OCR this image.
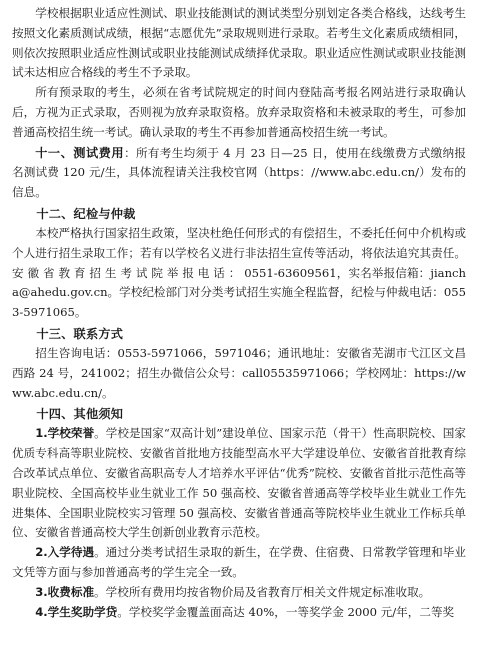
学校根据职业适应性测试、职业技能测试的测试类型分别划定各类合格线，达线考生按照文化素质测试成绩，根据“志愿优先”录取规则进行录取。若考生文化素质成绩相同，则依次按照职业适应性测试或职业技能测试成绩择优录取。职业适应性测试或职业技能测试未达相应合格线的考生不予录取。

所有预录取的考生，必须在省考试院规定的时间内登陆高考报名网站进行录取确认后，方视为正式录取，否则视为放弃录取资格。放弃录取资格和未被录取的考生，可参加普通高校招生统一考试。确认录取的考生不再参加普通高校招生统一考试。

十一、测试费用：所有考生均须于 4 月 23 日—25 日，使用在线缴费方式缴纳报名测试费 120 元/生，具体流程请关注我校官网（https：//www.abc.edu.cn/）发布的信息。

十二、纪检与仲裁

本校严格执行国家招生政策，坚决杜绝任何形式的有偿招生，不委托任何中介机构或个人进行招生录取工作；若有以学校名义进行非法招生宣传等活动，将依法追究其责任。安 徽 省 教 育 招 生 考 试 院 举 报 电 话 ： 0551-63609561，实名举报信箱：jiancha@ahedu.gov.cn。学校纪检部门对分类考试招生实施全程监督，纪检与仲裁电话：0553-5971065。

十三、联系方式

招生咨询电话：0553-5971066，5971046；通讯地址：安徽省芜湖市弋江区文昌西路 24 号，241002；招生办微信公众号：call05535971066；学校网址：https://www.abc.edu.cn/。

十四、其他须知

1.学校荣誉。学校是国家“双高计划”建设单位、国家示范（骨干）性高职院校、国家优质专科高等职业院校、安徽省首批地方技能型高水平大学建设单位、安徽省首批教育综合改革试点单位、安徽省高职高专人才培养水平评估“优秀”院校、安徽省首批示范性高等职业院校、全国高校毕业生就业工作 50 强高校、安徽省普通高等学校毕业生就业工作先进集体、全国职业院校实习管理 50 强高校、安徽省普通高等院校毕业生就业工作标兵单位、安徽省普通高校大学生创新创业教育示范校。

2.入学待遇。通过分类考试招生录取的新生，在学费、住宿费、日常教学管理和毕业文凭等方面与参加普通高考的学生完全一致。

3.收费标准。学校所有费用均按省物价局及省教育厅相关文件规定标准收取。

4.学生奖助学贷。学校奖学金覆盖面高达 40%，一等奖学金 2000 元/年，二等奖
